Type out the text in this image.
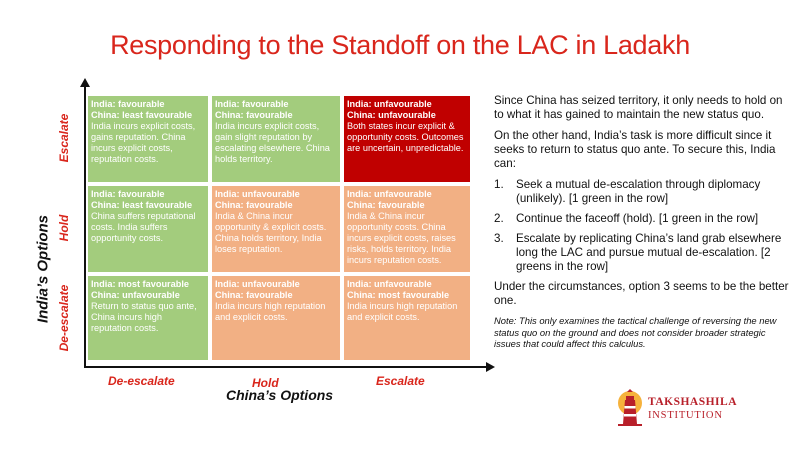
Responding to the Standoff on the LAC in Ladakh
India’s Options
Escalate
Hold
De-escalate
De-escalate	Hold	Escalate
China’s Options
India: favourable
China: least favourable
India incurs explicit costs, gains reputation. China incurs explicit costs, reputation costs.
India: favourable
China: favourable
India incurs explicit costs, gain slight reputation by escalating elsewhere. China holds territory.
India: unfavourable
China: unfavourable
Both states incur explicit & opportunity costs. Outcomes are uncertain, unpredictable.
India: favourable
China: least favourable
China suffers reputational costs. India suffers opportunity costs.
India: unfavourable
China: favourable
India & China incur opportunity & explicit costs. China holds territory, India loses reputation.
India: unfavourable
China: favourable
India & China incur opportunity costs. China incurs explicit costs, raises risks, holds territory. India incurs reputation costs.
India: most favourable
China: unfavourable
Return to status quo ante, China incurs high reputation costs.
India: unfavourable
China: favourable
India incurs high reputation and explicit costs.
India: unfavourable
China: most favourable
India incurs high reputation and explicit costs.

Since China has seized territory, it only needs to hold on to what it has gained to maintain the new status quo.

On the other hand, India’s task is more difficult since it seeks to return to status quo ante. To secure this, India can:

1. Seek a mutual de-escalation through diplomacy (unlikely). [1 green in the row]
2. Continue the faceoff (hold). [1 green in the row]
3. Escalate by replicating China’s land grab elsewhere long the LAC and pursue mutual de-escalation. [2 greens in the row]

Under the circumstances, option 3 seems to be the better one.

Note: This only examines the tactical challenge of reversing the new status quo on the ground and does not consider broader strategic issues that could affect this calculus.
TAKSHASHILA
INSTITUTION
